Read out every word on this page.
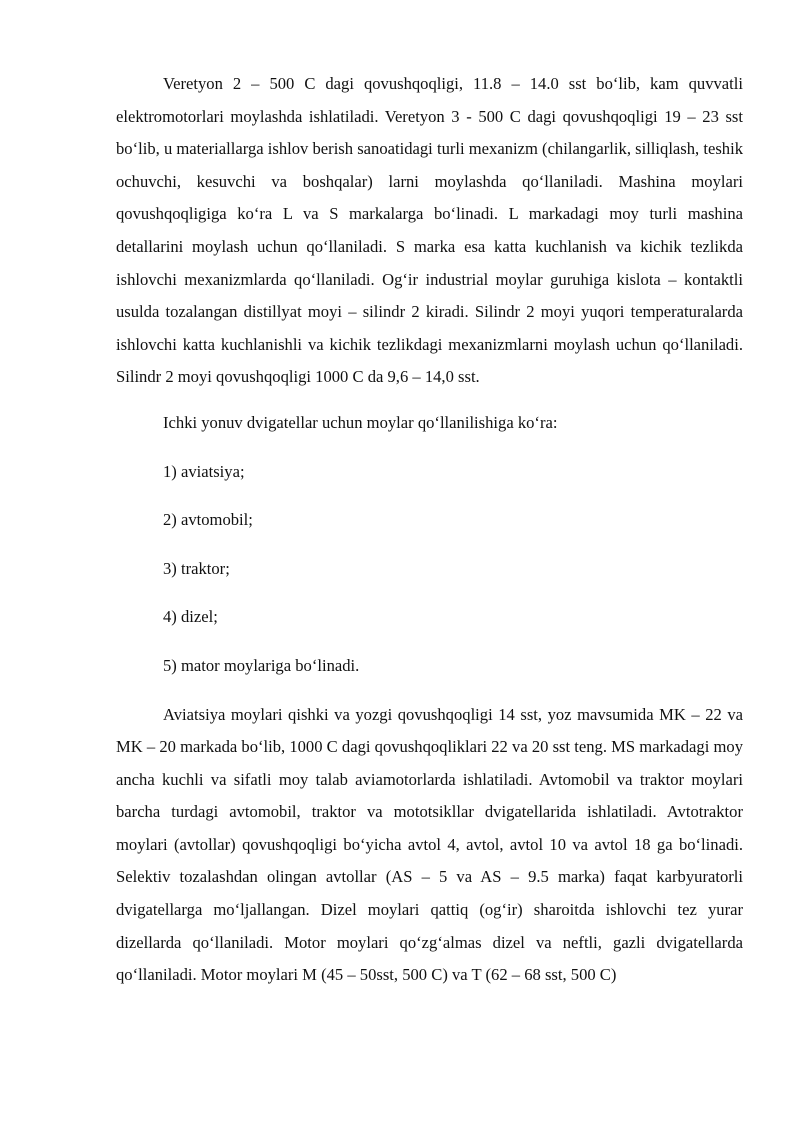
Veretyon 2 – 500 C dagi qovushqoqligi, 11.8 – 14.0 sst bo‘lib, kam quvvatli elektromotorlari moylashda ishlatiladi. Veretyon 3 - 500 C dagi qovushqoqligi 19 – 23 sst bo‘lib, u materiallarga ishlov berish sanoatidagi turli mexanizm (chilangarlik, silliqlash, teshik ochuvchi, kesuvchi va boshqalar) larni moylashda qo‘llaniladi. Mashina moylari qovushqoqligiga ko‘ra L va S markalarga bo‘linadi. L markadagi moy turli mashina detallarini moylash uchun qo‘llaniladi. S marka esa katta kuchlanish va kichik tezlikda ishlovchi mexanizmlarda qo‘llaniladi. Og‘ir industrial moylar guruhiga kislota – kontaktli usulda tozalangan distillyat moyi – silindr 2 kiradi. Silindr 2 moyi yuqori temperaturalarda ishlovchi katta kuchlanishli va kichik tezlikdagi mexanizmlarni moylash uchun qo‘llaniladi. Silindr 2 moyi qovushqoqligi 1000 C da 9,6 – 14,0 sst.

Ichki yonuv dvigatellar uchun moylar qo‘llanilishiga ko‘ra:

1) aviatsiya;

2) avtomobil;

3) traktor;

4) dizel;

5) mator moylariga bo‘linadi.

Aviatsiya moylari qishki va yozgi qovushqoqligi 14 sst, yoz mavsumida MK – 22 va MK – 20 markada bo‘lib, 1000 C dagi qovushqoqliklari 22 va 20 sst teng. MS markadagi moy ancha kuchli va sifatli moy talab aviamotorlarda ishlatiladi. Avtomobil va traktor moylari barcha turdagi avtomobil, traktor va mototsikllar dvigatellarida ishlatiladi. Avtotraktor moylari (avtollar) qovushqoqligi bo‘yicha avtol 4, avtol, avtol 10 va avtol 18 ga bo‘linadi. Selektiv tozalashdan olingan avtollar (AS – 5 va AS – 9.5 marka) faqat karbyuratorli dvigatellarga mo‘ljallangan. Dizel moylari qattiq (og‘ir) sharoitda ishlovchi tez yurar dizellarda qo‘llaniladi. Motor moylari qo‘zg‘almas dizel va neftli, gazli dvigatellarda qo‘llaniladi. Motor moylari M (45 – 50sst, 500 C) va T (62 – 68 sst, 500 C)
